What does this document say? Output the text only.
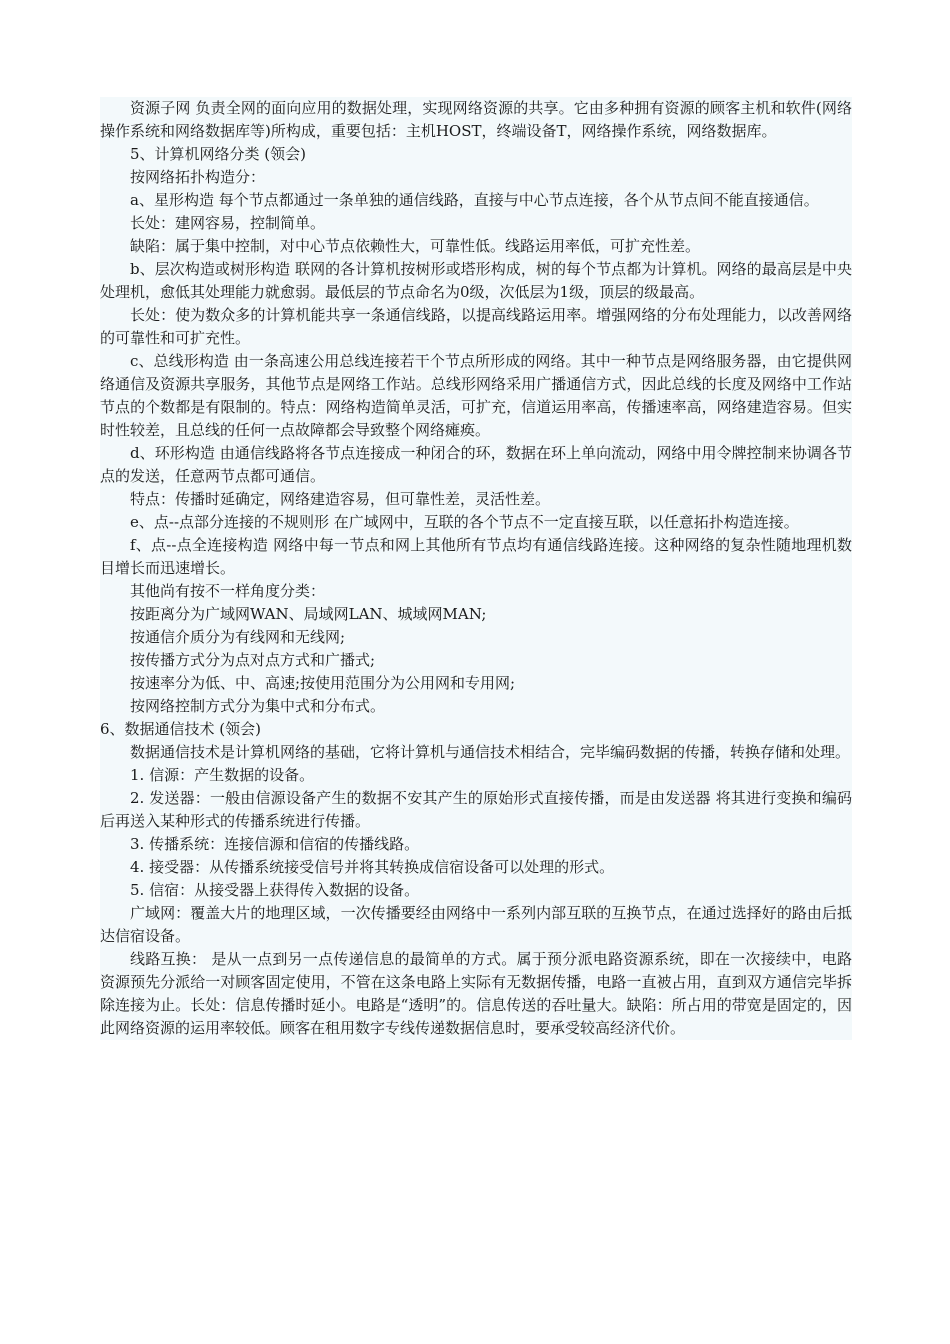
资源子网 负责全网的面向应用的数据处理，实现网络资源的共享。它由多种拥有资源的顾客主机和软件(网络操作系统和网络数据库等)所构成，重要包括：主机HOST，终端设备T，网络操作系统，网络数据库。

5、计算机网络分类 (领会)

按网络拓扑构造分：

a、星形构造 每个节点都通过一条单独的通信线路，直接与中心节点连接，各个从节点间不能直接通信。

长处：建网容易，控制简单。

缺陷：属于集中控制，对中心节点依赖性大，可靠性低。线路运用率低，可扩充性差。

b、层次构造或树形构造 联网的各计算机按树形或塔形构成，树的每个节点都为计算机。网络的最高层是中央处理机，愈低其处理能力就愈弱。最低层的节点命名为0级，次低层为1级，顶层的级最高。

长处：使为数众多的计算机能共享一条通信线路，以提高线路运用率。增强网络的分布处理能力，以改善网络的可靠性和可扩充性。

c、总线形构造 由一条高速公用总线连接若干个节点所形成的网络。其中一种节点是网络服务器，由它提供网络通信及资源共享服务，其他节点是网络工作站。总线形网络采用广播通信方式，因此总线的长度及网络中工作站节点的个数都是有限制的。特点：网络构造简单灵活，可扩充，信道运用率高，传播速率高，网络建造容易。但实时性较差，且总线的任何一点故障都会导致整个网络瘫痪。

d、环形构造 由通信线路将各节点连接成一种闭合的环，数据在环上单向流动，网络中用令牌控制来协调各节点的发送，任意两节点都可通信。

特点：传播时延确定，网络建造容易，但可靠性差，灵活性差。

e、点--点部分连接的不规则形 在广域网中，互联的各个节点不一定直接互联，以任意拓扑构造连接。

f、点--点全连接构造 网络中每一节点和网上其他所有节点均有通信线路连接。这种网络的复杂性随地理机数目增长而迅速增长。

其他尚有按不一样角度分类：

按距离分为广域网WAN、局域网LAN、城域网MAN;

按通信介质分为有线网和无线网;

按传播方式分为点对点方式和广播式;

按速率分为低、中、高速;按使用范围分为公用网和专用网;

按网络控制方式分为集中式和分布式。

6、数据通信技术 (领会)

数据通信技术是计算机网络的基础，它将计算机与通信技术相结合，完毕编码数据的传播，转换存储和处理。

1. 信源：产生数据的设备。

2. 发送器：一般由信源设备产生的数据不安其产生的原始形式直接传播，而是由发送器 将其进行变换和编码后再送入某种形式的传播系统进行传播。

3. 传播系统：连接信源和信宿的传播线路。

4. 接受器：从传播系统接受信号并将其转换成信宿设备可以处理的形式。

5. 信宿：从接受器上获得传入数据的设备。

广域网：覆盖大片的地理区域，一次传播要经由网络中一系列内部互联的互换节点，在通过选择好的路由后抵达信宿设备。

线路互换： 是从一点到另一点传递信息的最简单的方式。属于预分派电路资源系统，即在一次接续中，电路资源预先分派给一对顾客固定使用，不管在这条电路上实际有无数据传播，电路一直被占用，直到双方通信完毕拆除连接为止。长处：信息传播时延小。电路是“透明”的。信息传送的吞吐量大。缺陷：所占用的带宽是固定的，因此网络资源的运用率较低。顾客在租用数字专线传递数据信息时，要承受较高经济代价。
